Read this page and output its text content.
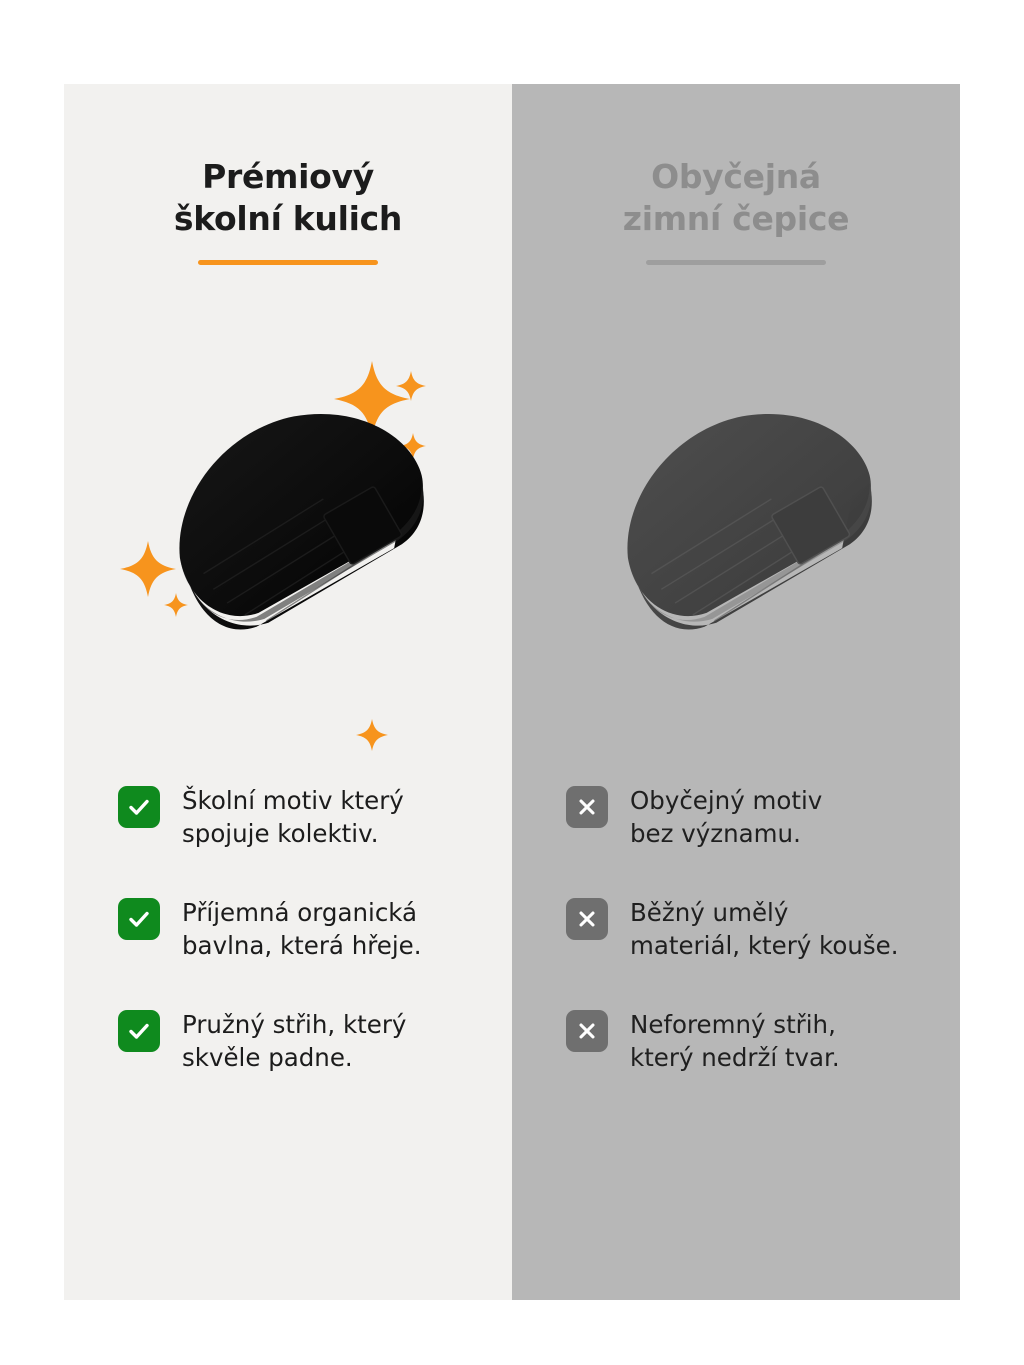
Prémiový
školní kulich
Školní motiv který
spojuje kolektiv.
Příjemná organická
bavlna, která hřeje.
Pružný střih, který
skvěle padne.
Obyčejná
zimní čepice
Obyčejný motiv
bez významu.
Běžný umělý
materiál, který kouše.
Neforemný střih,
který nedrží tvar.
